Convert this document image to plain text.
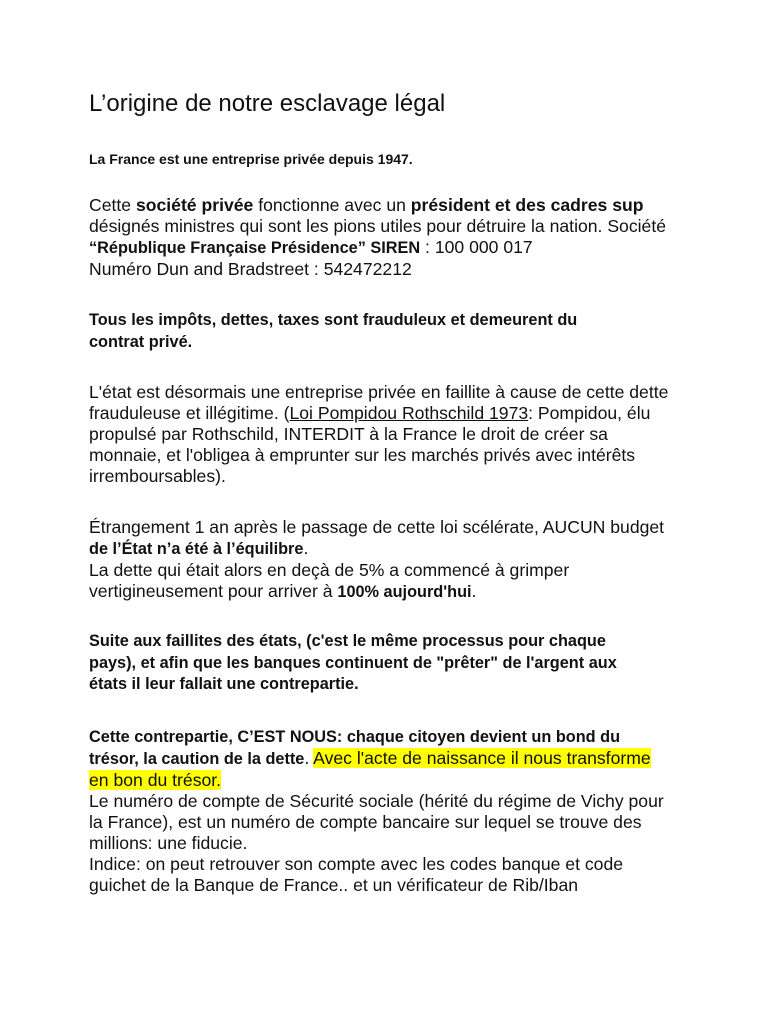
L’origine de notre esclavage légal

La France est une entreprise privée depuis 1947.

Cette société privée fonctionne avec un président et des cadres sup
désignés ministres qui sont les pions utiles pour détruire la nation. Société
“République Française Présidence” SIREN : 100 000 017
Numéro Dun and Bradstreet : 542472212

Tous les impôts, dettes, taxes sont frauduleux et demeurent du
contrat privé.

L'état est désormais une entreprise privée en faillite à cause de cette dette
frauduleuse et illégitime. (Loi Pompidou Rothschild 1973: Pompidou, élu
propulsé par Rothschild, INTERDIT à la France le droit de créer sa
monnaie, et l'obligea à emprunter sur les marchés privés avec intérêts
irremboursables).

Étrangement 1 an après le passage de cette loi scélérate, AUCUN budget
de l’État n’a été à l’équilibre.
La dette qui était alors en deçà de 5% a commencé à grimper
vertigineusement pour arriver à 100% aujourd'hui.

Suite aux faillites des états, (c'est le même processus pour chaque
pays), et afin que les banques continuent de "prêter" de l'argent aux
états il leur fallait une contrepartie.

Cette contrepartie, C’EST NOUS: chaque citoyen devient un bond du
trésor, la caution de la dette. Avec l'acte de naissance il nous transforme
en bon du trésor.
Le numéro de compte de Sécurité sociale (hérité du régime de Vichy pour
la France), est un numéro de compte bancaire sur lequel se trouve des
millions: une fiducie.
Indice: on peut retrouver son compte avec les codes banque et code
guichet de la Banque de France.. et un vérificateur de Rib/Iban
